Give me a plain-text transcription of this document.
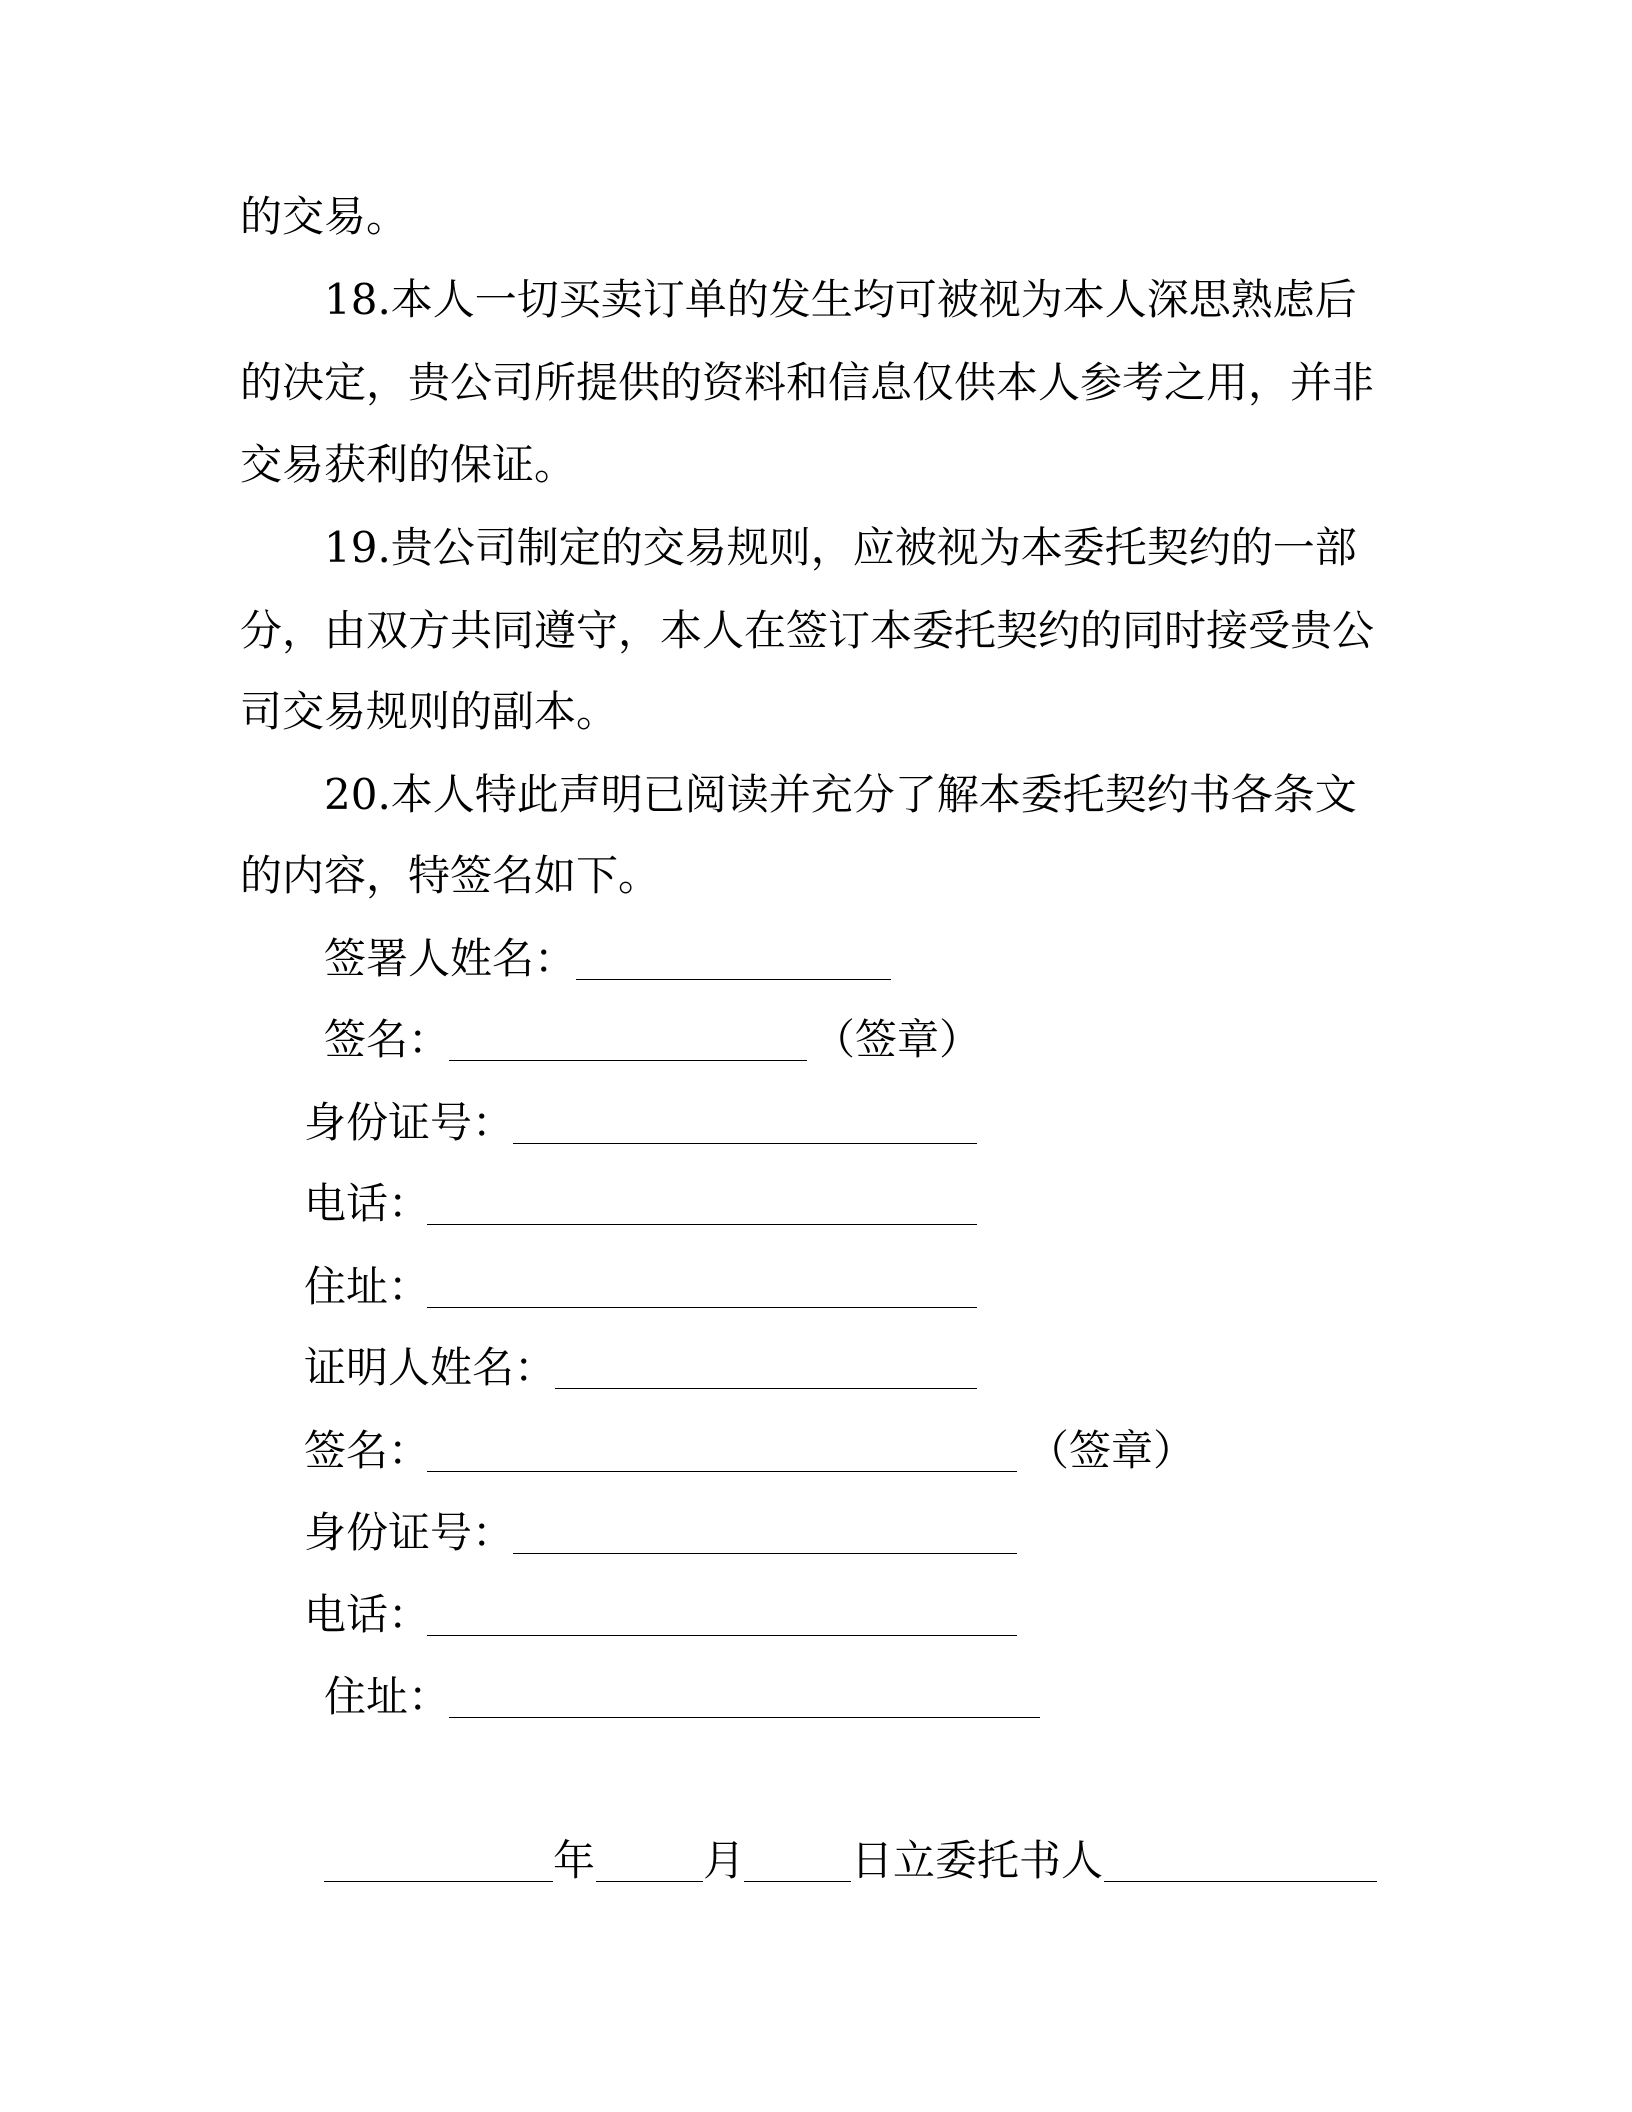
的交易。
18.本人一切买卖订单的发生均可被视为本人深思熟虑后
的决定，贵公司所提供的资料和信息仅供本人参考之用，并非
交易获利的保证。
19.贵公司制定的交易规则，应被视为本委托契约的一部
分，由双方共同遵守，本人在签订本委托契约的同时接受贵公
司交易规则的副本。
20.本人特此声明已阅读并充分了解本委托契约书各条文
的内容，特签名如下。
签署人姓名：
签名：	（签章）
身份证号：
电话：
住址：
证明人姓名：
签名：	（签章）
身份证号：
电话：
住址：
年	月	日立委托书人
